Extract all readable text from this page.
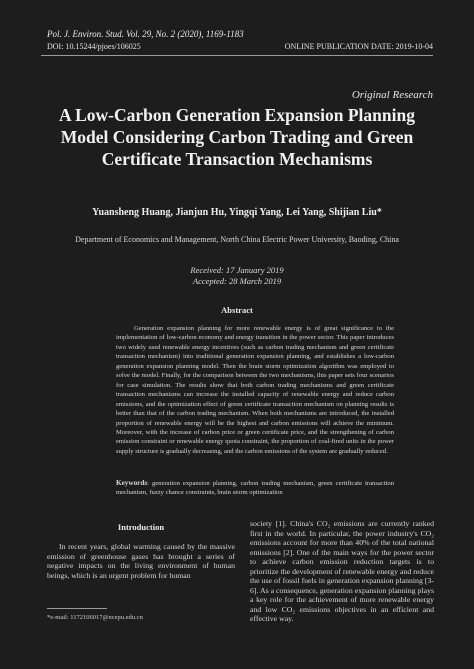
Pol. J. Environ. Stud. Vol. 29, No. 2 (2020), 1169-1183
DOI: 10.15244/pjoes/106025	ONLINE PUBLICATION DATE: 2019-10-04
Original Research
A Low-Carbon Generation Expansion Planning
Model Considering Carbon Trading and Green
Certificate Transaction Mechanisms
Yuansheng Huang, Jianjun Hu, Yingqi Yang, Lei Yang, Shijian Liu*
Department of Economics and Management, North China Electric Power University, Baoding, China
Received: 17 January 2019
Accepted: 28 March 2019
Abstract

Generation expansion planning for more renewable energy is of great significance to the implementation of low-carbon economy and energy transition in the power sector. This paper introduces two widely used renewable energy incentives (such as carbon trading mechanism and green certificate transaction mechanism) into traditional generation expansion planning, and establishes a low-carbon generation expansion planning model. Then the brain storm optimization algorithm was employed to solve the model. Finally, for the comparison between the two mechanisms, this paper sets four scenarios for case simulation. The results show that both carbon trading mechanisms and green certificate transaction mechanisms can increase the installed capacity of renewable energy and reduce carbon emissions, and the optimization effect of green certificate transaction mechanism on planning results is better than that of the carbon trading mechanism. When both mechanisms are introduced, the installed proportion of renewable energy will be the highest and carbon emissions will achieve the minimum. Moreover, with the increase of carbon price or green certificate price, and the strengthening of carbon emission constraint or renewable energy quota constraint, the proportion of coal-fired units in the power supply structure is gradually decreasing, and the carbon emissions of the system are gradually reduced.

Keywords: generation expansion planning, carbon trading mechanism, green certificate transaction mechanism, fuzzy chance constraints, brain storm optimization
Introduction

In recent years, global warming caused by the massive emission of greenhouse gases has brought a series of negative impacts on the living environment of human beings, which is an urgent problem for human

society [1]. China's CO₂ emissions are currently ranked first in the world. In particular, the power industry's CO₂ emissions account for more than 40% of the total national emissions [2]. One of the main ways for the power sector to achieve carbon emission reduction targets is to prioritize the development of renewable energy and reduce the use of fossil fuels in generation expansion planning [3-6]. As a consequence, generation expansion planning plays a key role for the achievement of more renewable energy and low CO₂ emissions objectives in an efficient and effective way.
*e-mail: 1172106017@ncepu.edu.cn
